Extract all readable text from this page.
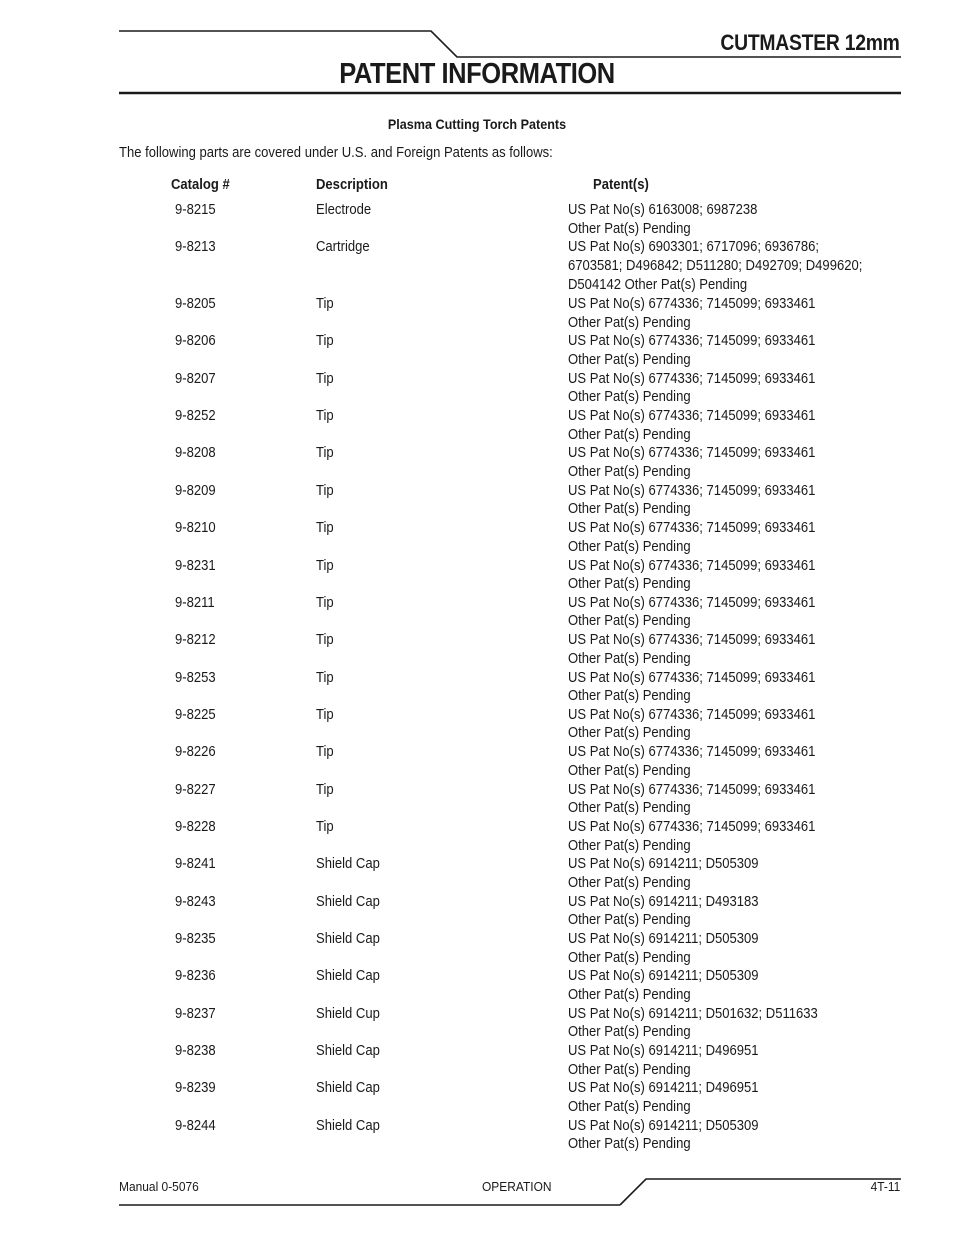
CUTMASTER 12mm
PATENT INFORMATION
Plasma Cutting Torch Patents
The following parts are covered under U.S. and Foreign Patents as follows:
Catalog #	Description	Patent(s)
9-8215	Electrode	US Pat No(s) 6163008; 6987238
Other Pat(s) Pending
9-8213	Cartridge	US Pat No(s) 6903301; 6717096; 6936786;
6703581; D496842; D511280; D492709; D499620;
D504142 Other Pat(s) Pending
9-8205	Tip	US Pat No(s) 6774336; 7145099; 6933461
Other Pat(s) Pending
9-8206	Tip	US Pat No(s) 6774336; 7145099; 6933461
Other Pat(s) Pending
9-8207	Tip	US Pat No(s) 6774336; 7145099; 6933461
Other Pat(s) Pending
9-8252	Tip	US Pat No(s) 6774336; 7145099; 6933461
Other Pat(s) Pending
9-8208	Tip	US Pat No(s) 6774336; 7145099; 6933461
Other Pat(s) Pending
9-8209	Tip	US Pat No(s) 6774336; 7145099; 6933461
Other Pat(s) Pending
9-8210	Tip	US Pat No(s) 6774336; 7145099; 6933461
Other Pat(s) Pending
9-8231	Tip	US Pat No(s) 6774336; 7145099; 6933461
Other Pat(s) Pending
9-8211	Tip	US Pat No(s) 6774336; 7145099; 6933461
Other Pat(s) Pending
9-8212	Tip	US Pat No(s) 6774336; 7145099; 6933461
Other Pat(s) Pending
9-8253	Tip	US Pat No(s) 6774336; 7145099; 6933461
Other Pat(s) Pending
9-8225	Tip	US Pat No(s) 6774336; 7145099; 6933461
Other Pat(s) Pending
9-8226	Tip	US Pat No(s) 6774336; 7145099; 6933461
Other Pat(s) Pending
9-8227	Tip	US Pat No(s) 6774336; 7145099; 6933461
Other Pat(s) Pending
9-8228	Tip	US Pat No(s) 6774336; 7145099; 6933461
Other Pat(s) Pending
9-8241	Shield Cap	US Pat No(s) 6914211; D505309
Other Pat(s) Pending
9-8243	Shield Cap	US Pat No(s) 6914211; D493183
Other Pat(s) Pending
9-8235	Shield Cap	US Pat No(s) 6914211; D505309
Other Pat(s) Pending
9-8236	Shield Cap	US Pat No(s) 6914211; D505309
Other Pat(s) Pending
9-8237	Shield Cup	US Pat No(s) 6914211; D501632; D511633
Other Pat(s) Pending
9-8238	Shield Cap	US Pat No(s) 6914211; D496951
Other Pat(s) Pending
9-8239	Shield Cap	US Pat No(s) 6914211; D496951
Other Pat(s) Pending
9-8244	Shield Cap	US Pat No(s) 6914211; D505309
Other Pat(s) Pending
Manual 0-5076	OPERATION	4T-11
